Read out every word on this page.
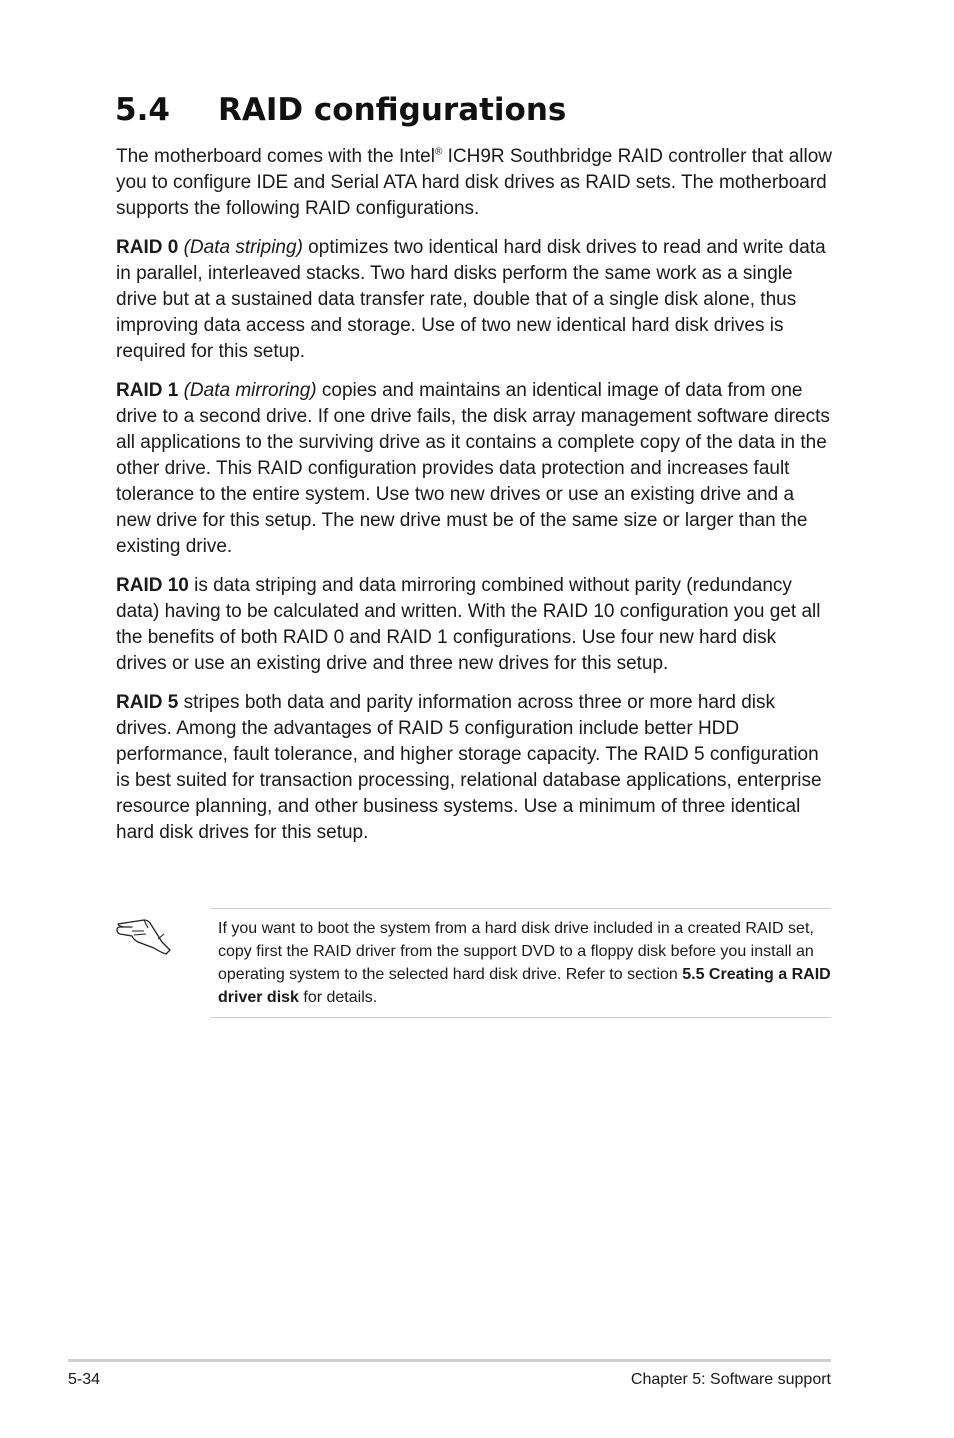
5.4 RAID configurations

The motherboard comes with the Intel® ICH9R Southbridge RAID controller that allow you to configure IDE and Serial ATA hard disk drives as RAID sets. The motherboard supports the following RAID configurations.

RAID 0 (Data striping) optimizes two identical hard disk drives to read and write data in parallel, interleaved stacks. Two hard disks perform the same work as a single drive but at a sustained data transfer rate, double that of a single disk alone, thus improving data access and storage. Use of two new identical hard disk drives is required for this setup.

RAID 1 (Data mirroring) copies and maintains an identical image of data from one drive to a second drive. If one drive fails, the disk array management software directs all applications to the surviving drive as it contains a complete copy of the data in the other drive. This RAID configuration provides data protection and increases fault tolerance to the entire system. Use two new drives or use an existing drive and a new drive for this setup. The new drive must be of the same size or larger than the existing drive.

RAID 10 is data striping and data mirroring combined without parity (redundancy data) having to be calculated and written. With the RAID 10 configuration you get all the benefits of both RAID 0 and RAID 1 configurations. Use four new hard disk drives or use an existing drive and three new drives for this setup.

RAID 5 stripes both data and parity information across three or more hard disk drives. Among the advantages of RAID 5 configuration include better HDD performance, fault tolerance, and higher storage capacity. The RAID 5 configuration is best suited for transaction processing, relational database applications, enterprise resource planning, and other business systems. Use a minimum of three identical hard disk drives for this setup.

If you want to boot the system from a hard disk drive included in a created RAID set, copy first the RAID driver from the support DVD to a floppy disk before you install an operating system to the selected hard disk drive. Refer to section 5.5 Creating a RAID driver disk for details.

5-34	Chapter 5: Software support
